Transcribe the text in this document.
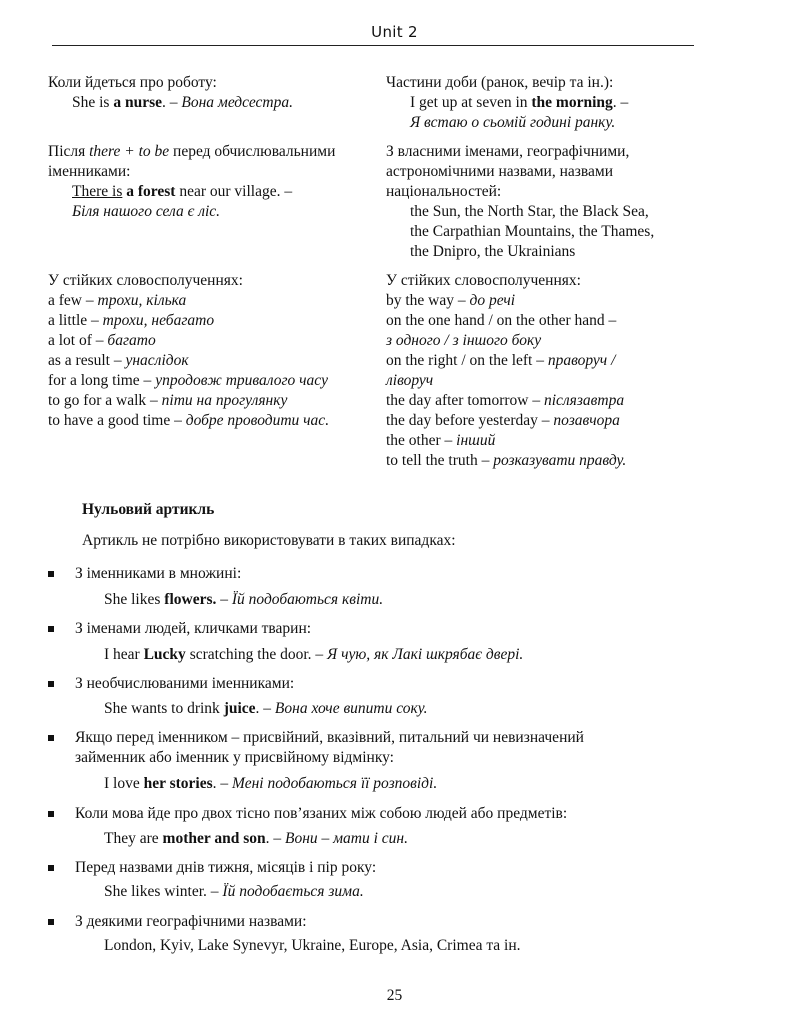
Unit 2
Коли йдеться про роботу:
She is a nurse. – Вона медсестра.
Після there + to be перед обчислювальними
іменниками:
There is a forest near our village. –
Біля нашого села є ліс.
У стійких словосполученнях:
a few – трохи, кілька
a little – трохи, небагато
a lot of – багато
as a result – унаслідок
for a long time – упродовж тривалого часу
to go for a walk – піти на прогулянку
to have a good time – добре проводити час.
Частини доби (ранок, вечір та ін.):
I get up at seven in the morning. –
Я встаю о сьомій годині ранку.
З власними іменами, географічними,
астрономічними назвами, назвами
національностей:
the Sun, the North Star, the Black Sea,
the Carpathian Mountains, the Thames,
the Dnipro, the Ukrainians
У стійких словосполученнях:
by the way – до речі
on the one hand / on the other hand –
з одного / з іншого боку
on the right / on the left – праворуч /
ліворуч
the day after tomorrow – післязавтра
the day before yesterday – позавчора
the other – інший
to tell the truth – розказувати правду.
Нульовий артикль
Артикль не потрібно використовувати в таких випадках:
З іменниками в множині:
She likes flowers. – Їй подобаються квіти.
З іменами людей, кличками тварин:
I hear Lucky scratching the door. – Я чую, як Лакі шкрябає двері.
З необчислюваними іменниками:
She wants to drink juice. – Вона хоче випити соку.
Якщо перед іменником – присвійний, вказівний, питальний чи невизначений
займенник або іменник у присвійному відмінку:
I love her stories. – Мені подобаються її розповіді.
Коли мова йде про двох тісно пов’язаних між собою людей або предметів:
They are mother and son. – Вони – мати і син.
Перед назвами днів тижня, місяців і пір року:
She likes winter. – Їй подобається зима.
З деякими географічними назвами:
London, Kyiv, Lake Synevyr, Ukraine, Europe, Asia, Crimea та ін.
25
